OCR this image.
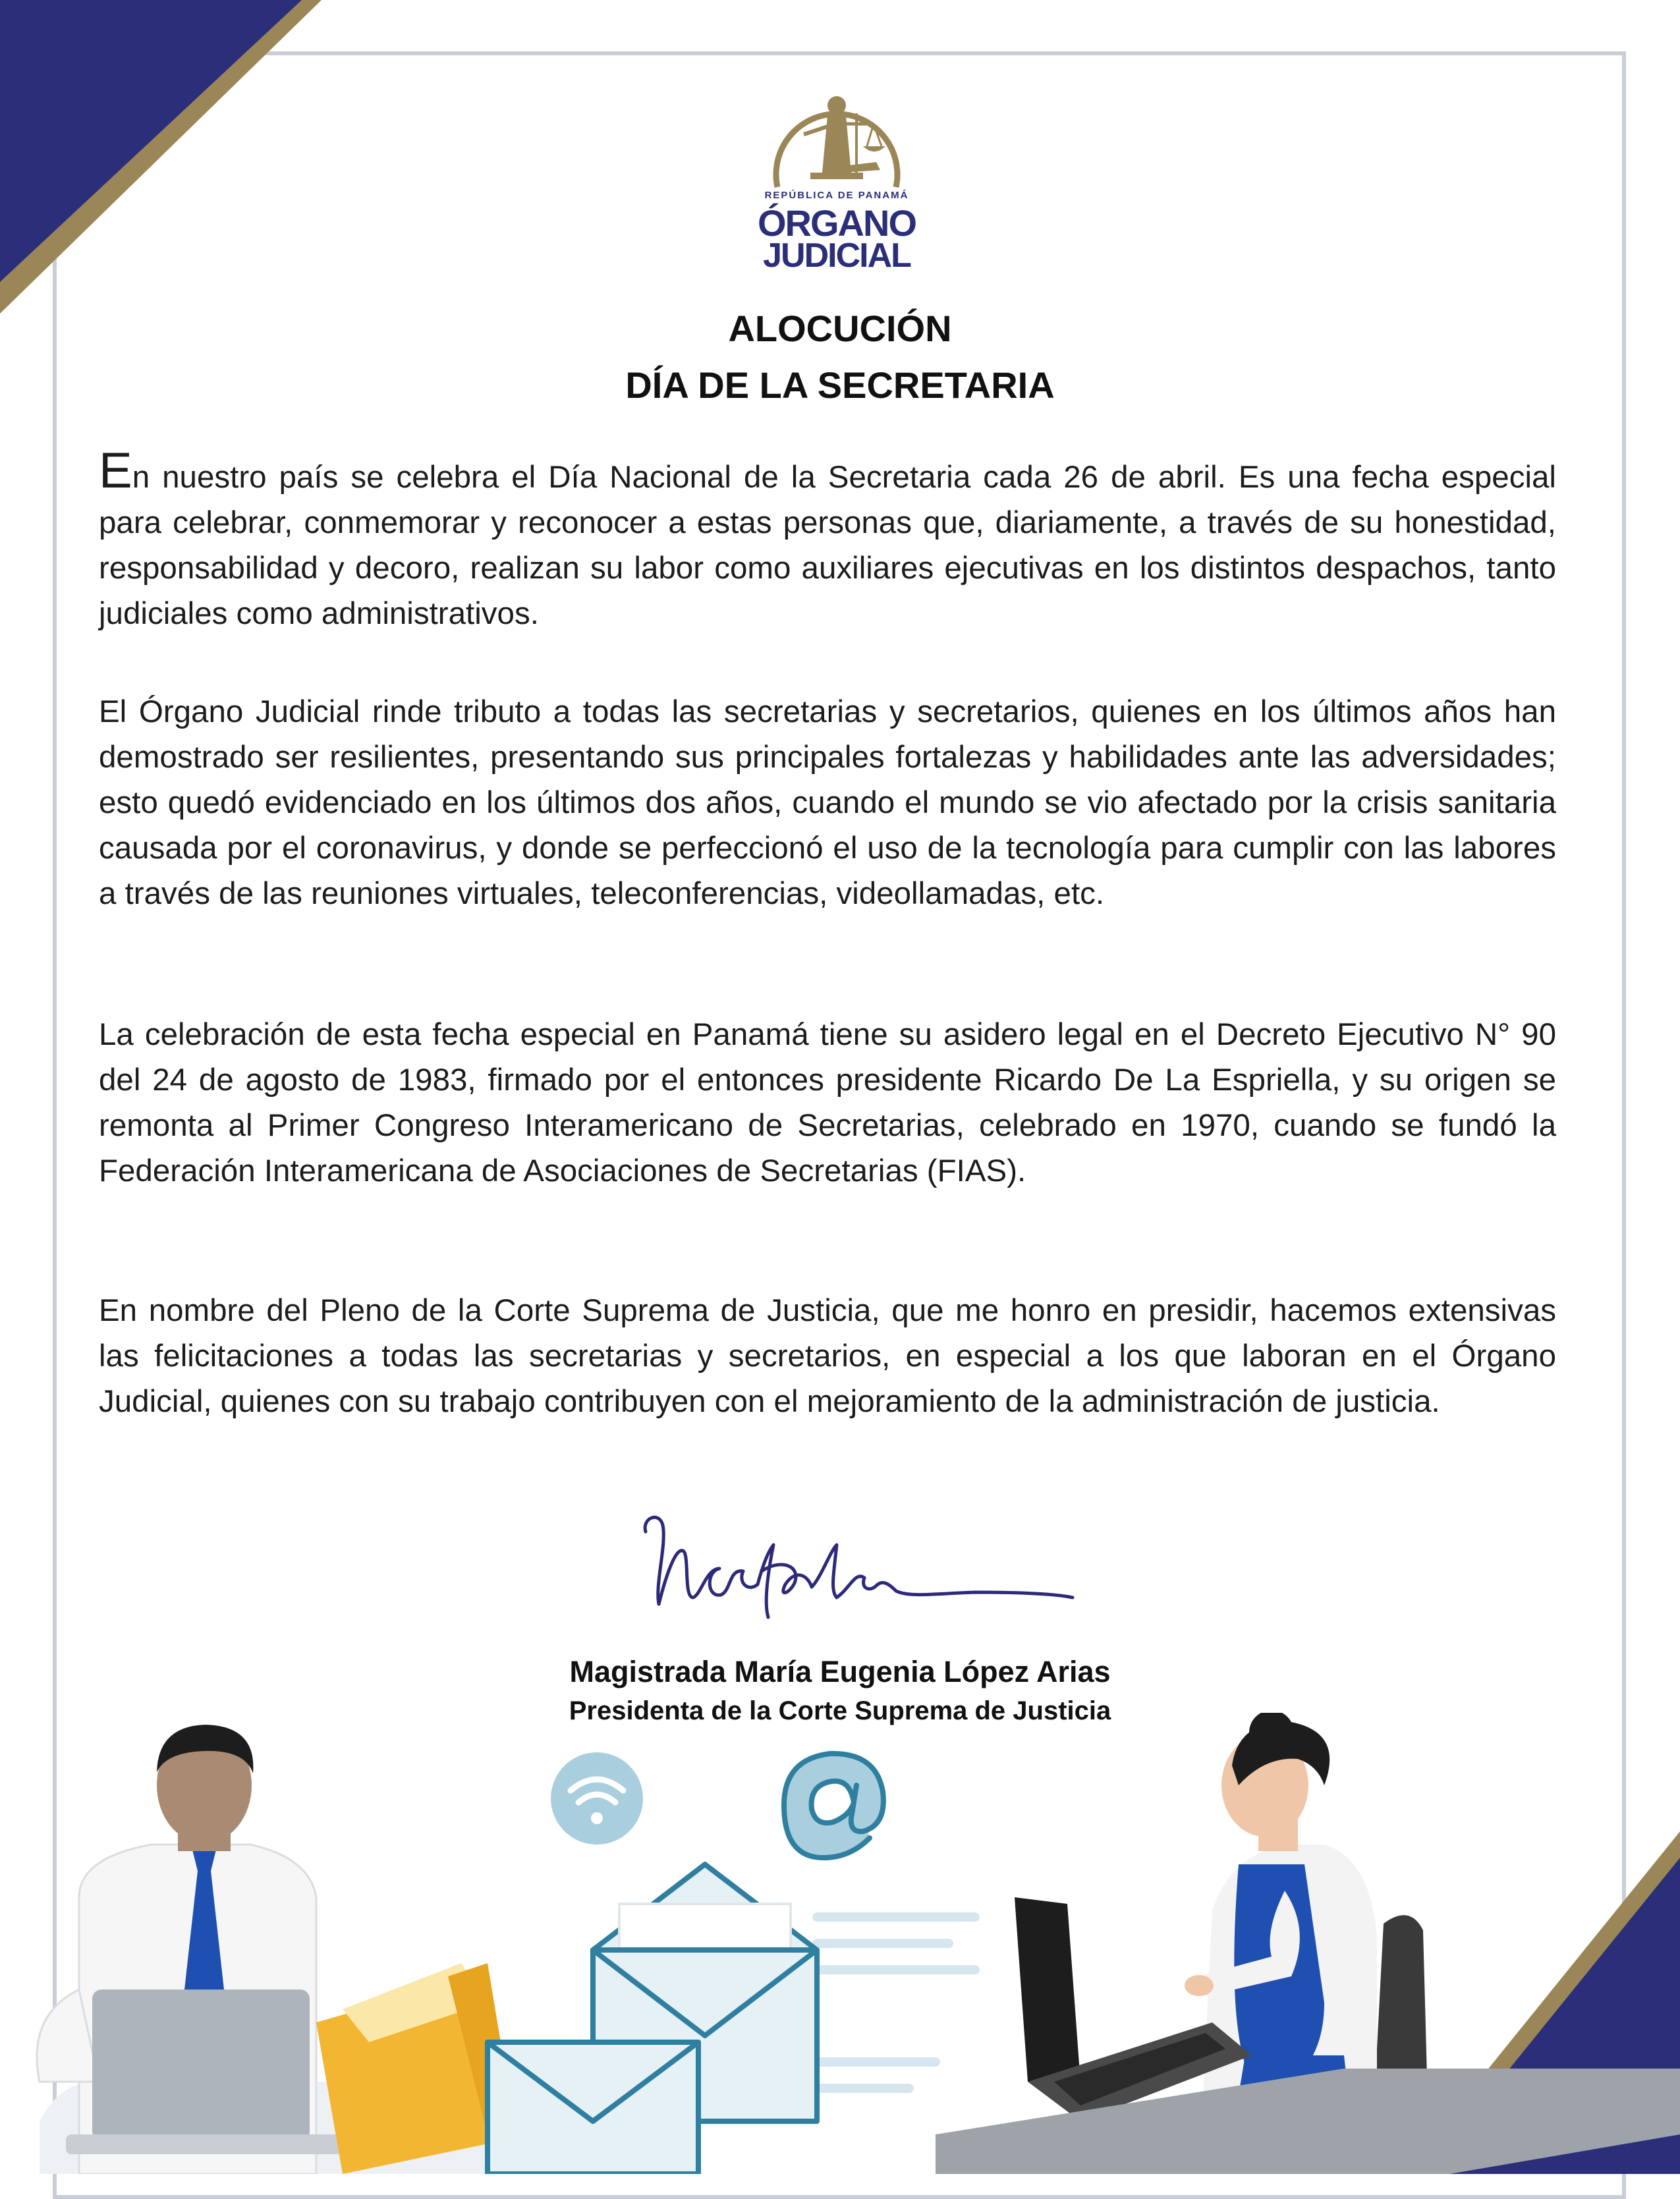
REPÚBLICA DE PANAMÁ
ÓRGANO
JUDICIAL
ALOCUCIÓN
DÍA DE LA SECRETARIA
En nuestro país se celebra el Día Nacional de la Secretaria cada 26 de abril. Es una fecha especial para celebrar, conmemorar y reconocer a estas personas que, diariamente, a través de su honestidad, responsabilidad y decoro, realizan su labor como auxiliares ejecutivas en los distintos despachos, tanto judiciales como administrativos.
El Órgano Judicial rinde tributo a todas las secretarias y secretarios, quienes en los últimos años han demostrado ser resilientes, presentando sus principales fortalezas y habilidades ante las adversidades; esto quedó evidenciado en los últimos dos años, cuando el mundo se vio afectado por la crisis sanitaria causada por el coronavirus, y donde se perfeccionó el uso de la tecnología para cumplir con las labores a través de las reuniones virtuales, teleconferencias, videollamadas, etc.
La celebración de esta fecha especial en Panamá tiene su asidero legal en el Decreto Ejecutivo N° 90 del 24 de agosto de 1983, firmado por el entonces presidente Ricardo De La Espriella, y su origen se remonta al Primer Congreso Interamericano de Secretarias, celebrado en 1970, cuando se fundó la Federación Interamericana de Asociaciones de Secretarias (FIAS).
En nombre del Pleno de la Corte Suprema de Justicia, que me honro en presidir, hacemos extensivas las felicitaciones a todas las secretarias y secretarios, en especial a los que laboran en el Órgano Judicial, quienes con su trabajo contribuyen con el mejoramiento de la administración de justicia.
Magistrada María Eugenia López Arias
Presidenta de la Corte Suprema de Justicia
